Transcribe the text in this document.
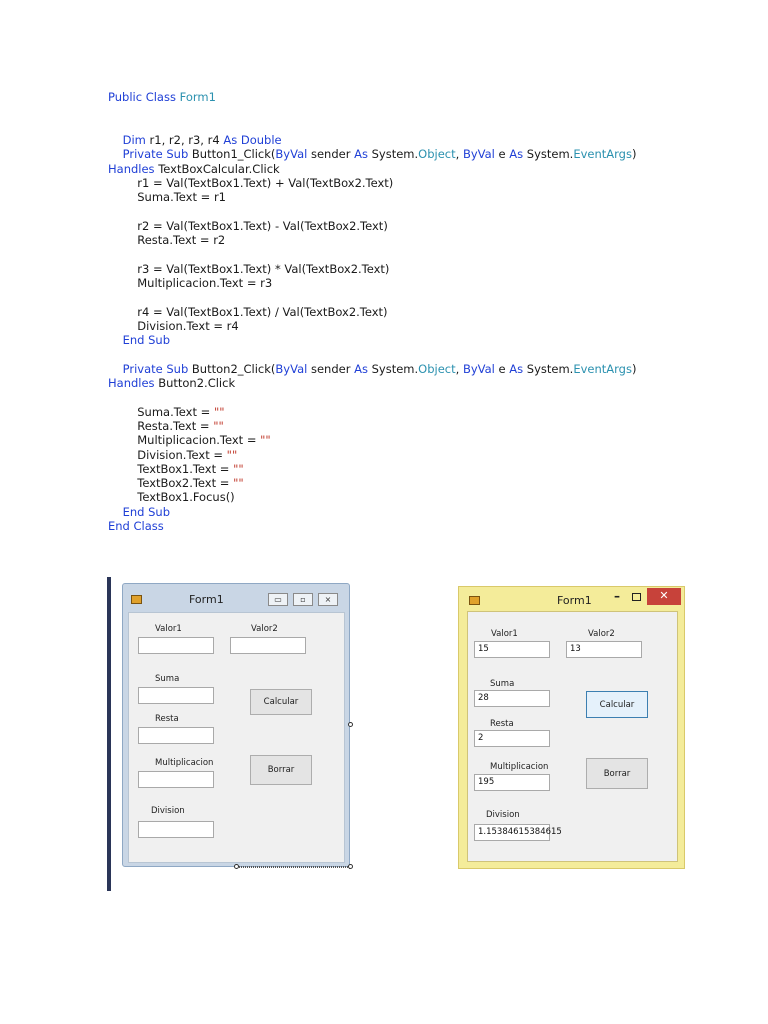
Public Class Form1
Dim r1, r2, r3, r4 As Double
Private Sub Button1_Click(ByVal sender As System.Object, ByVal e As System.EventArgs)
Handles TextBoxCalcular.Click
r1 = Val(TextBox1.Text) + Val(TextBox2.Text)
Suma.Text = r1
r2 = Val(TextBox1.Text) - Val(TextBox2.Text)
Resta.Text = r2
r3 = Val(TextBox1.Text) * Val(TextBox2.Text)
Multiplicacion.Text = r3
r4 = Val(TextBox1.Text) / Val(TextBox2.Text)
Division.Text = r4
End Sub
Private Sub Button2_Click(ByVal sender As System.Object, ByVal e As System.EventArgs)
Handles Button2.Click
Suma.Text = ""
Resta.Text = ""
Multiplicacion.Text = ""
Division.Text = ""
TextBox1.Text = ""
TextBox2.Text = ""
TextBox1.Focus()
End Sub
End Class
Form1	▭	▫	⨯
Valor1	Valor2
Suma
Calcular
Resta
Multiplicacion
Borrar
Division
Form1 –	✕
Valor1	Valor2
15	13
Suma
28
Calcular
Resta
2
Multiplicacion
195
Borrar
Division
1.15384615384615
